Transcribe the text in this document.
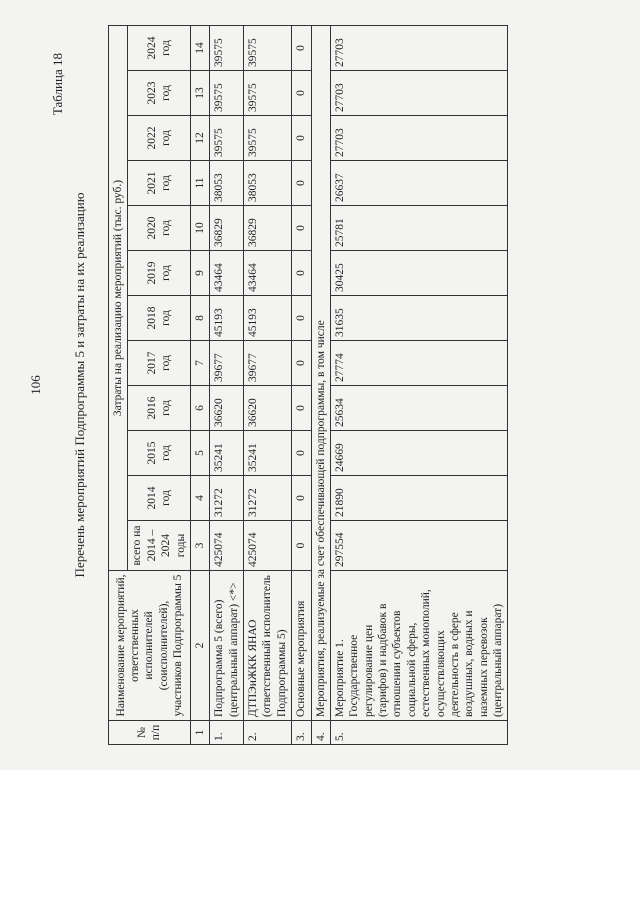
106
Таблица 18
Перечень мероприятий Подпрограммы 5 и затраты на их реализацию
№ п/п	Наименование мероприятий, ответственных исполнителей (соисполнителей), участников Подпрограммы 5	Затраты на реализацию мероприятий (тыс. руб.)											
		всего на 2014 – 2024 годы	2014 год	2015 год	2016 год	2017 год	2018 год	2019 год	2020 год	2021 год	2022 год	2023 год	2024 год
1	2	3	4	5	6	7	8	9	10	11	12	13	14
1.	Подпрограмма 5 (всего) (центральный аппарат) <*>	425074	31272	35241	36620	39677	45193	43464	36829	38053	39575	39575	39575
2.	ДТПЭиЖКК ЯНАО (ответственный исполнитель Подпрограммы 5)	425074	31272	35241	36620	39677	45193	43464	36829	38053	39575	39575	39575
3.	Основные мероприятия	0	0	0	0	0	0	0	0	0	0	0	0
4.	Мероприятия, реализуемые за счет обеспечивающей подпрограммы, в том числе												
5.	Мероприятие 1. Государственное регулирование цен (тарифов) и надбавок в отношении субъектов социальной сферы, естественных монополий, осуществляющих деятельность в сфере воздушных, водных и наземных перевозок (центральный аппарат)	297554	21890	24669	25634	27774	31635	30425	25781	26637	27703	27703	27703
